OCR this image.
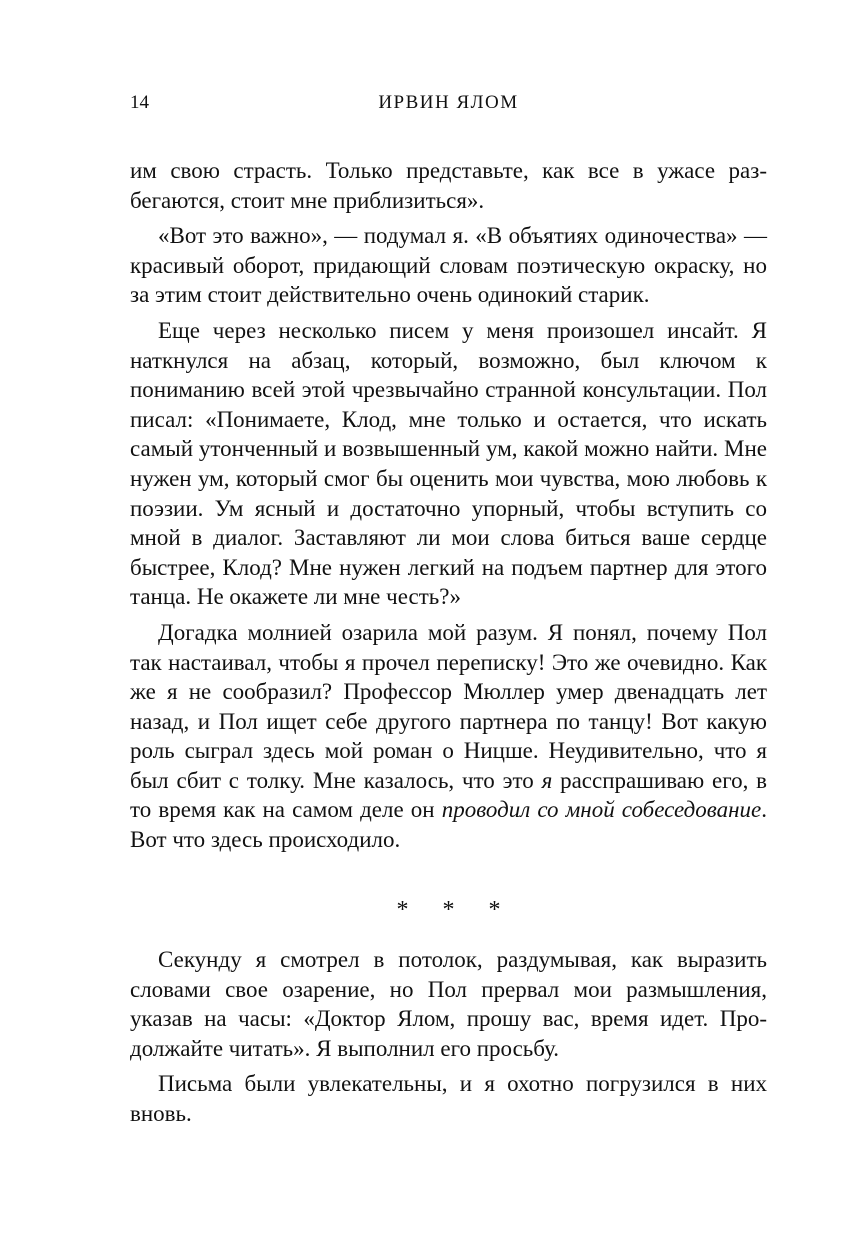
14	ИРВИН ЯЛОМ

им свою страсть. Только представьте, как все в ужасе разбегаются, стоит мне приблизиться».

«Вот это важно», — подумал я. «В объятиях одиночества» — красивый оборот, придающий словам поэтическую окраску, но за этим стоит действительно очень одинокий старик.

Еще через несколько писем у меня произошел инсайт. Я наткнулся на абзац, который, возможно, был ключом к пониманию всей этой чрезвычайно странной консультации. Пол писал: «Понимаете, Клод, мне только и остается, что искать самый утонченный и возвышенный ум, какой можно найти. Мне нужен ум, который смог бы оценить мои чувства, мою любовь к поэзии. Ум ясный и достаточно упорный, чтобы вступить со мной в диалог. Заставляют ли мои слова биться ваше сердце быстрее, Клод? Мне нужен легкий на подъем партнер для этого танца. Не окажете ли мне честь?»

Догадка молнией озарила мой разум. Я понял, почему Пол так настаивал, чтобы я прочел переписку! Это же очевидно. Как же я не сообразил? Профессор Мюллер умер двенадцать лет назад, и Пол ищет себе другого партнера по танцу! Вот какую роль сыграл здесь мой роман о Ницше. Неудивительно, что я был сбит с толку. Мне казалось, что это я расспрашиваю его, в то время как на самом деле он проводил со мной собеседование. Вот что здесь происходило.

* * *

Секунду я смотрел в потолок, раздумывая, как выразить словами свое озарение, но Пол прервал мои размышления, указав на часы: «Доктор Ялом, прошу вас, время идет. Продолжайте читать». Я выполнил его просьбу.

Письма были увлекательны, и я охотно погрузился в них вновь.
